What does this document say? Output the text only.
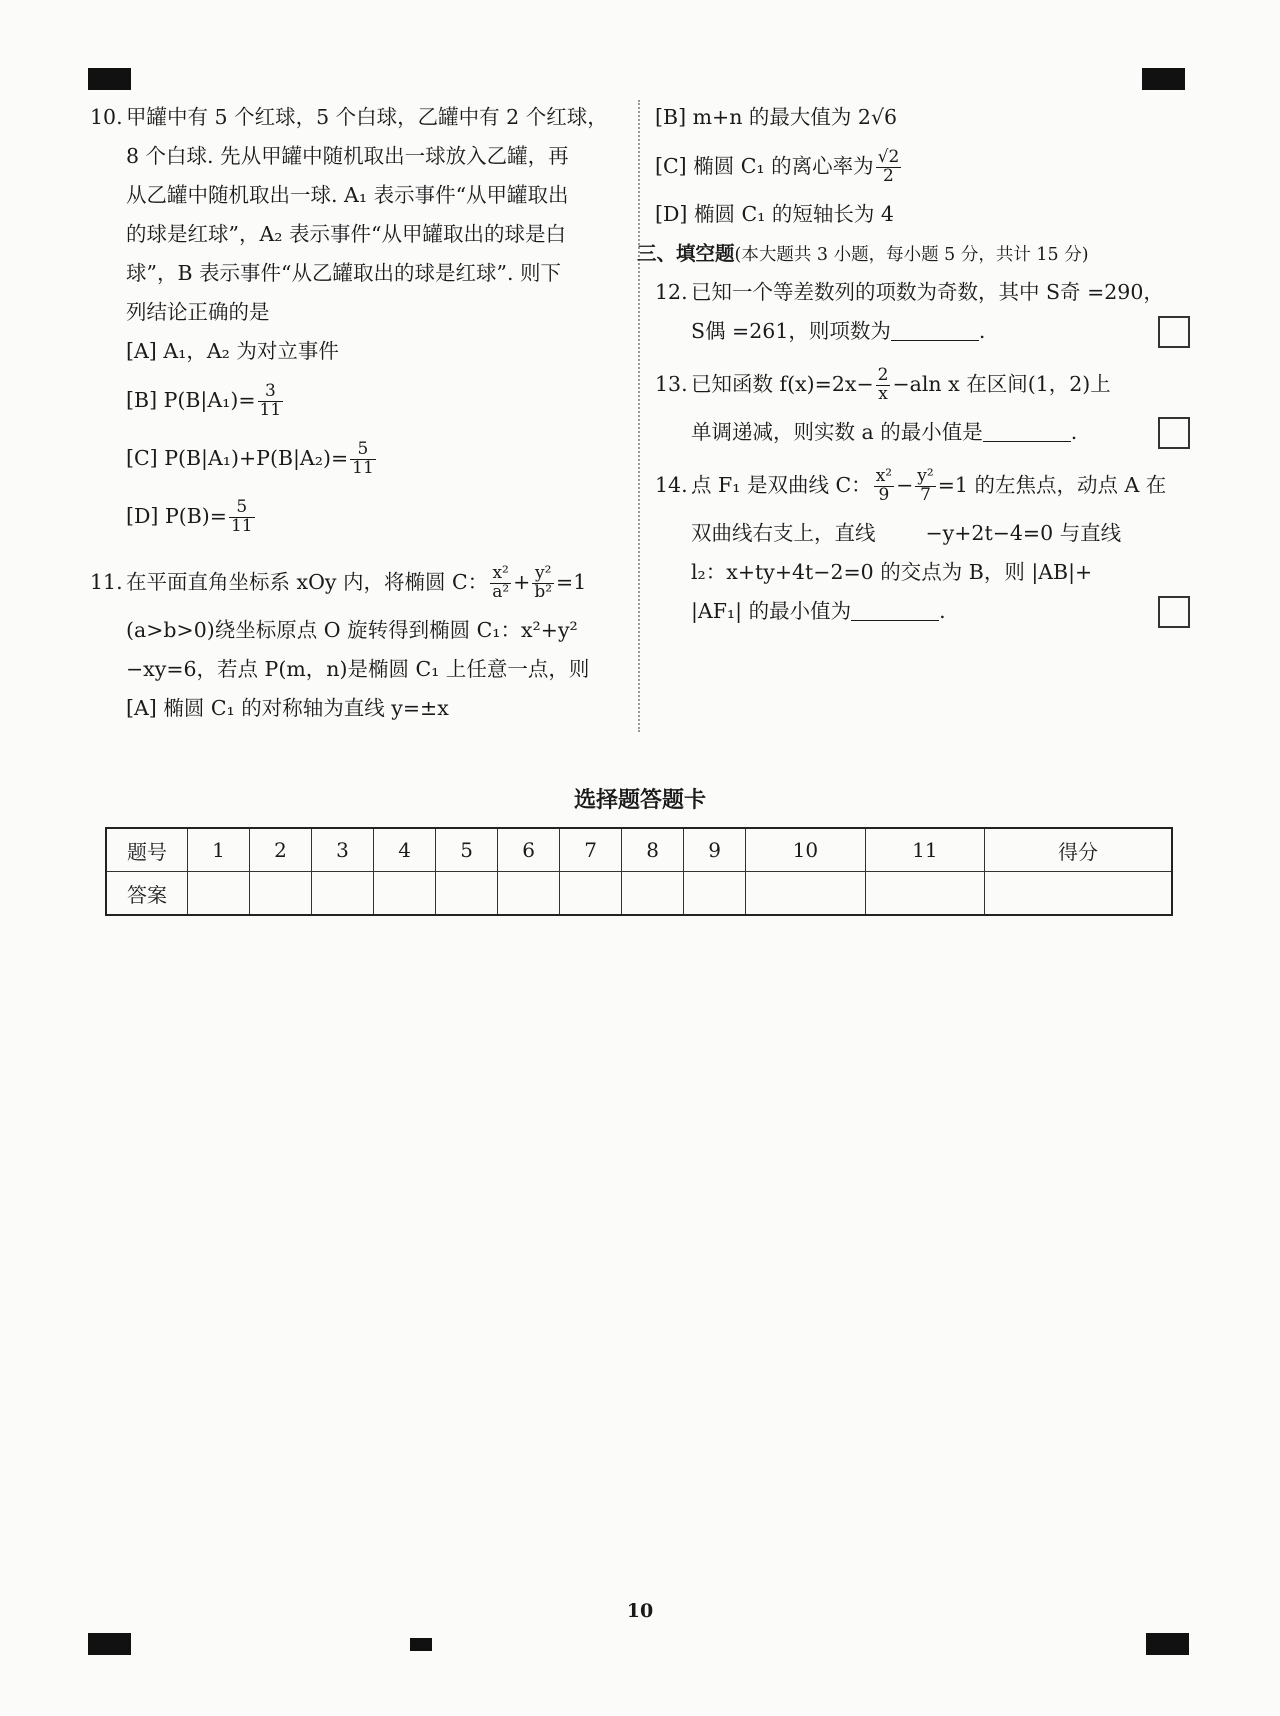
10. 甲罐中有 5 个红球，5 个白球，乙罐中有 2 个红球，
8 个白球. 先从甲罐中随机取出一球放入乙罐，再
从乙罐中随机取出一球. A₁ 表示事件“从甲罐取出
的球是红球”，A₂ 表示事件“从甲罐取出的球是白
球”，B 表示事件“从乙罐取出的球是红球”. 则下
列结论正确的是
[A] A₁，A₂ 为对立事件
[B] $P(B|A_1)= \frac{3}{11}$
[C] $P(B|A_1)+P(B|A_2)= \frac{5}{11}$
[D] $P(B)= \frac{5}{11}$
11. 在平面直角坐标系 xOy 内，将椭圆 C： $\frac{\text{x²}}{\text{a²}} + \frac{\text{y²}}{\text{b²}} =1$
(a>b>0)绕坐标原点 O 旋转得到椭圆 C₁：x²+y²
−xy=6，若点 P(m，n)是椭圆 C₁ 上任意一点，则
[A] 椭圆 C₁ 的对称轴为直线 y=±x
[B] m+n 的最大值为 2√6
[C] 椭圆 C₁ 的离心率为 $\frac{√2}{2}$
[D] 椭圆 C₁ 的短轴长为 4
三、填空题(本大题共 3 小题，每小题 5 分，共计 15 分)
12. 已知一个等差数列的项数为奇数，其中 S奇 =290，
S偶 =261，则项数为	.
13. 已知函数 $f(x)=2x- \frac{2}{x} -aln$ x 在区间(1，2)上
单调递减，则实数 a 的最小值是	.
14. 点 F₁ 是双曲线 C： $\frac{\text{x²}}{9} - \frac{\text{y²}}{7} =1$ 的左焦点，动点 A 在
双曲线右支上，直线 −y+2t−4=0 与直线
l₂：x+ty+4t−2=0 的交点为 B，则 |AB|+
|AF₁| 的最小值为	.
选择题答题卡
题号	1	2	3	4	5	6	7	8	9	10	11	得分
答案												
10
